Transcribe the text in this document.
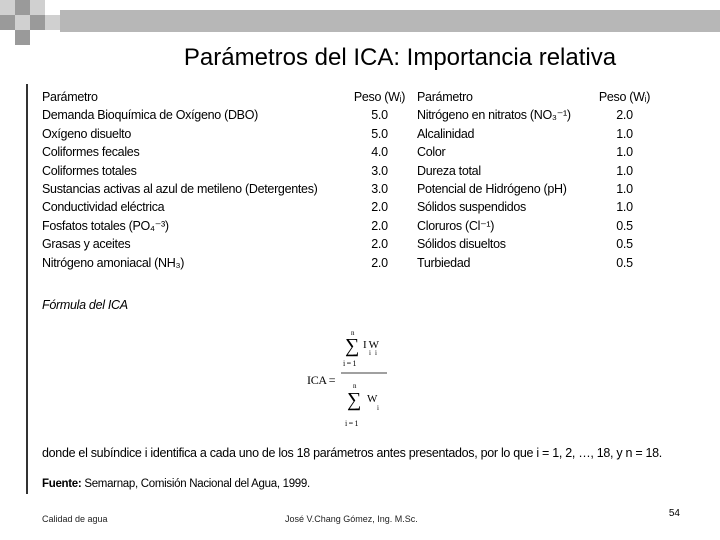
Parámetros del ICA: Importancia relativa
Parámetro	Peso (Wᵢ)	Parámetro	Peso (Wᵢ)
Demanda Bioquímica de Oxígeno (DBO)	5.0	Nitrógeno en nitratos (NO₃⁻¹)	2.0
Oxígeno disuelto	5.0	Alcalinidad	1.0
Coliformes fecales	4.0	Color	1.0
Coliformes totales	3.0	Dureza total	1.0
Sustancias activas al azul de metileno (Detergentes)	3.0	Potencial de Hidrógeno (pH)	1.0
Conductividad eléctrica	2.0	Sólidos suspendidos	1.0
Fosfatos totales (PO₄⁻³)	2.0	Cloruros (Cl⁻¹)	0.5
Grasas y aceites	2.0	Sólidos disueltos	0.5
Nitrógeno amoniacal (NH₃)	2.0	Turbiedad	0.5
Fórmula del ICA
ICA =
n
∑ I W
i   i
i = 1
n
∑ W
i
i = 1
donde el subíndice i identifica a cada uno de los 18 parámetros antes presentados, por lo que i = 1, 2, …, 18, y n = 18.
Fuente: Semarnap, Comisión Nacional del Agua, 1999.
Calidad de agua	José V.Chang Gómez, Ing. M.Sc.	54
